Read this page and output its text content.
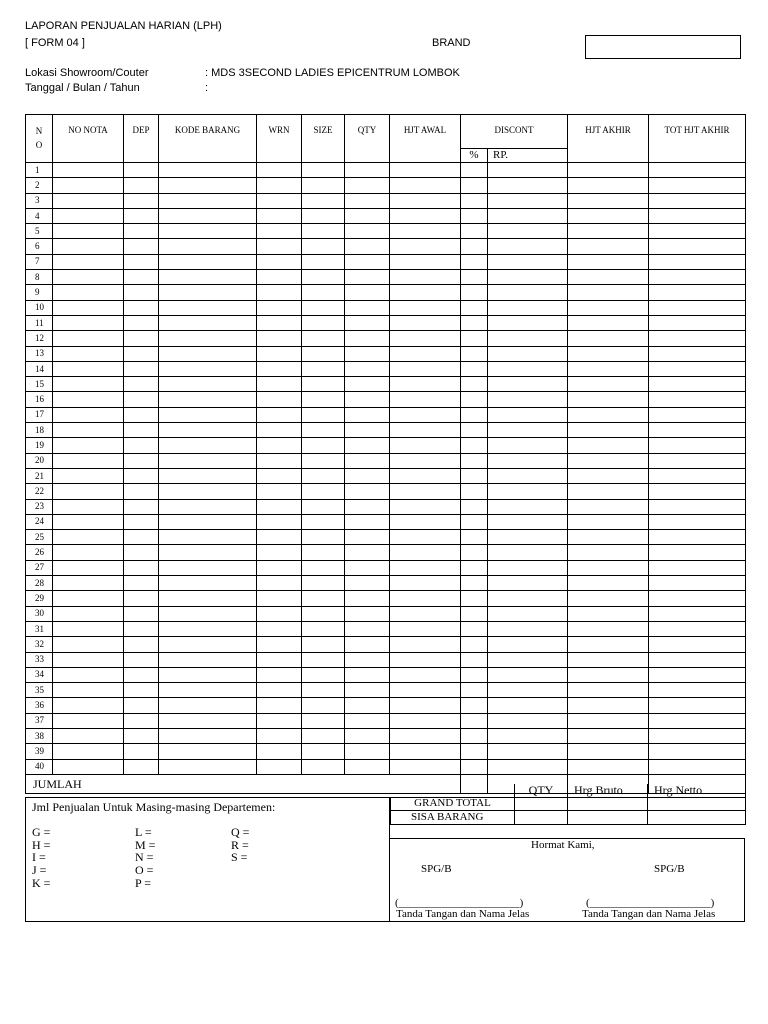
LAPORAN PENJUALAN HARIAN (LPH)
[ FORM 04 ]	BRAND
Lokasi Showroom/Couter	: MDS 3SECOND LADIES EPICENTRUM LOMBOK
Tanggal / Bulan / Tahun	:
N
O	NO NOTA	DEP	KODE BARANG	WRN	SIZE	QTY	HJT AWAL	DISCONT		HJT AKHIR	TOT HJT AKHIR
								%	RP.		
1											
2											
3											
4											
5											
6											
7											
8											
9											
10											
11											
12											
13											
14											
15											
16											
17											
18											
19											
20											
21											
22											
23											
24											
25											
26											
27											
28											
29											
30											
31											
32											
33											
34											
35											
36											
37											
38											
39											
40											
JUMLAH											
		QTY	Hrg Bruto	Hrg Netto
GRAND TOTAL			
SISA BARANG			
Jml Penjualan Untuk Masing-masing Departemen:
G =
H =
I =
J =
K =
L =
M =
N =
O =
P =
Q =
R =
S =
Hormat Kami,
SPG/B	SPG/B
(______________________)	(______________________)
Tanda Tangan dan Nama Jelas	Tanda Tangan dan Nama Jelas
